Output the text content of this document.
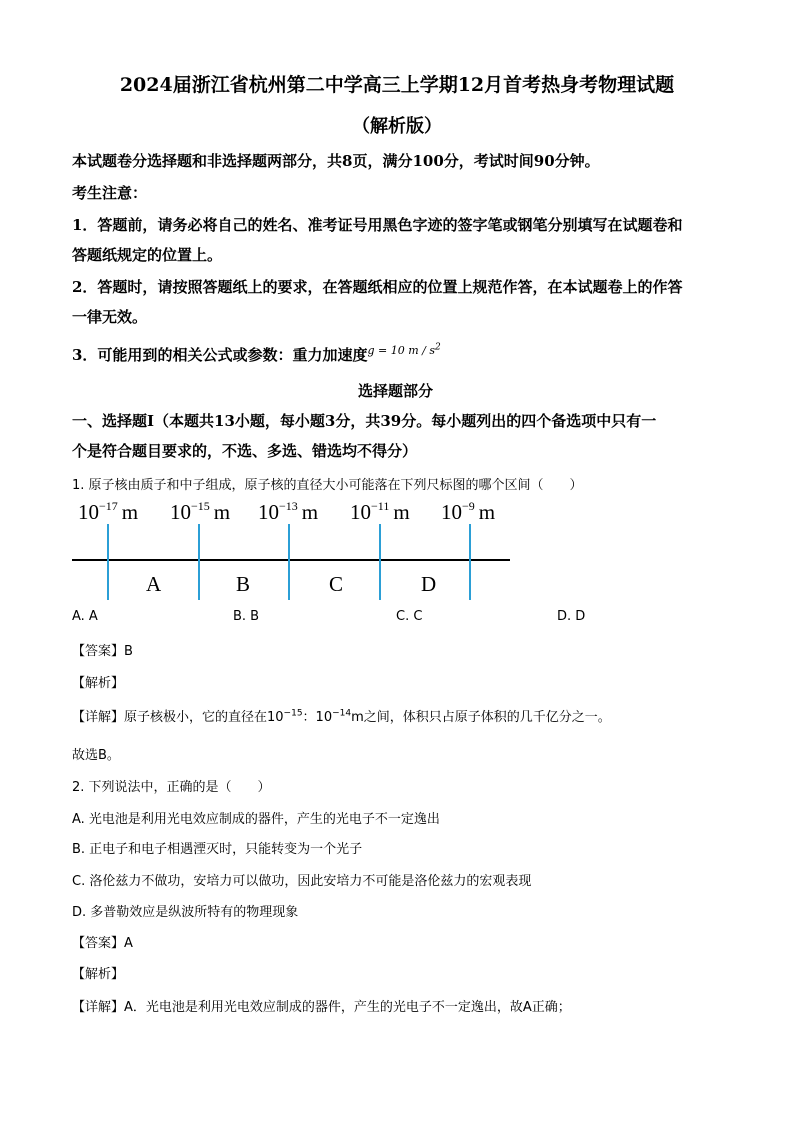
2024届浙江省杭州第二中学高三上学期12月首考热身考物理试题
（解析版）
本试题卷分选择题和非选择题两部分，共8页，满分100分，考试时间90分钟。
考生注意：
1．答题前，请务必将自己的姓名、准考证号用黑色字迹的签字笔或钢笔分别填写在试题卷和
答题纸规定的位置上。
2．答题时，请按照答题纸上的要求，在答题纸相应的位置上规范作答，在本试题卷上的作答
一律无效。
3．可能用到的相关公式或参数：重力加速度$^{g = 10 m / s^2}$
选择题部分
一、选择题Ⅰ（本题共13小题，每小题3分，共39分。每小题列出的四个备选项中只有一
个是符合题目要求的，不选、多选、错选均不得分）
1. 原子核由质子和中子组成，原子核的直径大小可能落在下列尺标图的哪个区间（　　）
$10^{-17}$ m $10^{-15}$ m $10^{-13}$ m $10^{-11}$ m $10^{-9}$ m
A	B	C	D
A. A	B. B	C. C	D. D
【答案】B
【解析】
【详解】原子核极小，它的直径在$10^{-15}$：$10^{-14}m$之间，体积只占原子体积的几千亿分之一。
故选B。
2. 下列说法中，正确的是（　　）
A. 光电池是利用光电效应制成的器件，产生的光电子不一定逸出
B. 正电子和电子相遇湮灭时，只能转变为一个光子
C. 洛伦兹力不做功，安培力可以做功，因此安培力不可能是洛伦兹力的宏观表现
D. 多普勒效应是纵波所特有的物理现象
【答案】A
【解析】
【详解】A．光电池是利用光电效应制成的器件，产生的光电子不一定逸出，故A正确；
